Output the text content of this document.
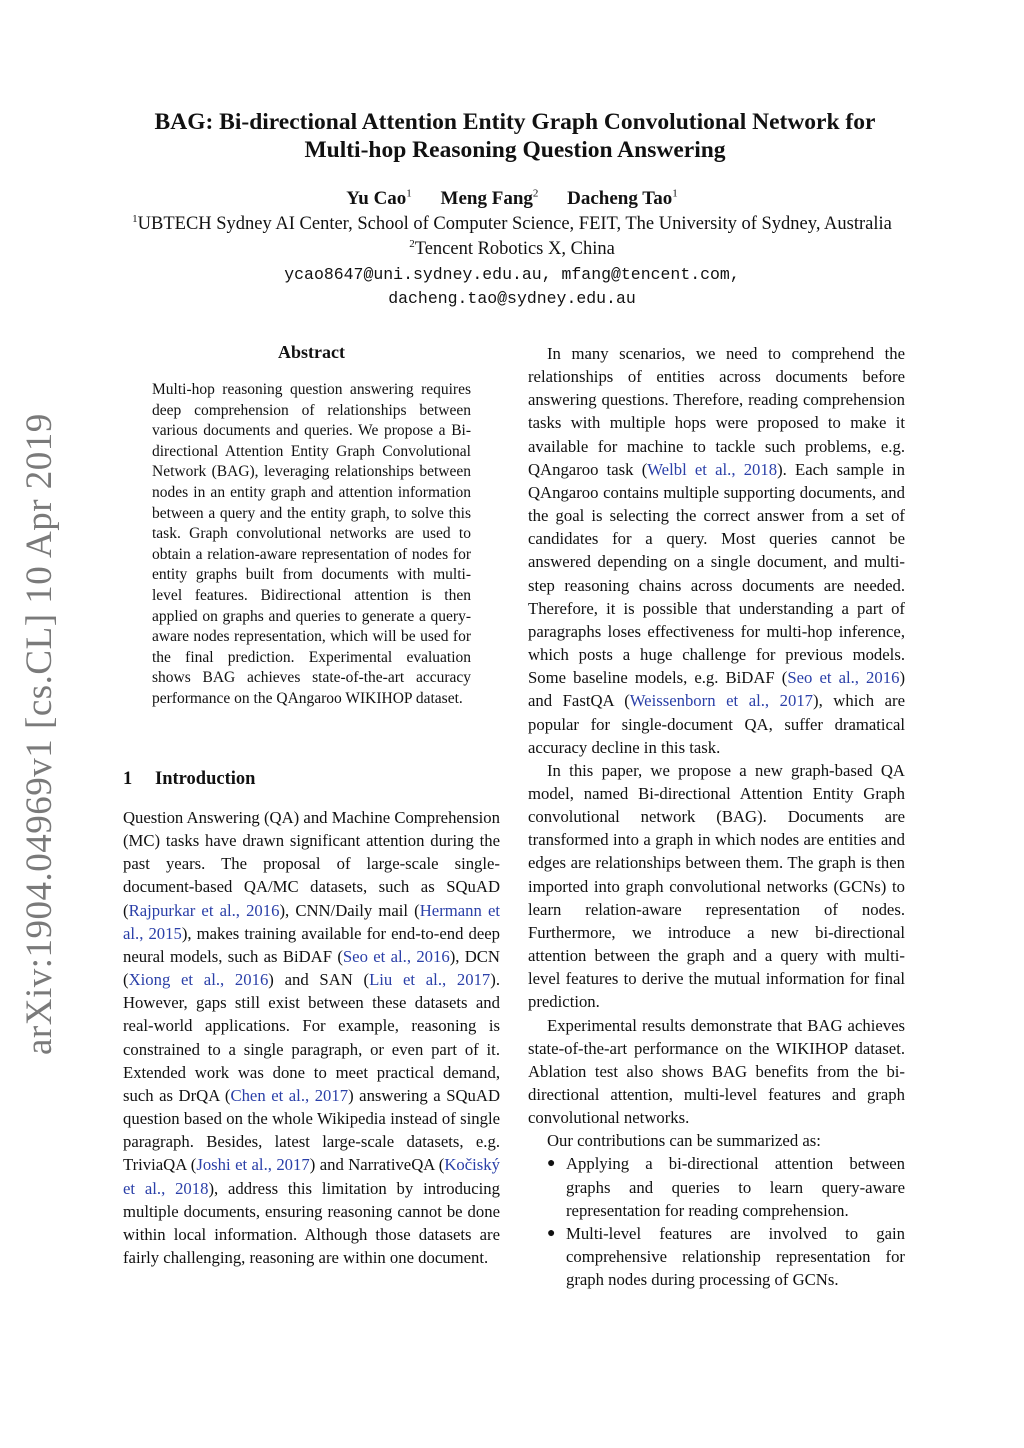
arXiv:1904.04969v1 [cs.CL] 10 Apr 2019
BAG: Bi-directional Attention Entity Graph Convolutional Network for
Multi-hop Reasoning Question Answering
Yu Cao$^1$ Meng Fang$^2$ Dacheng Tao$^1$
$^1$UBTECH Sydney AI Center, School of Computer Science, FEIT, The University of Sydney, Australia
$^2$Tencent Robotics X, China
ycao8647@uni.sydney.edu.au, mfang@tencent.com,
dacheng.tao@sydney.edu.au
Abstract
Multi-hop reasoning question answering requires deep comprehension of relationships between various documents and queries. We propose a Bi-directional Attention Entity Graph Convolutional Network (BAG), leveraging relationships between nodes in an entity graph and attention information between a query and the entity graph, to solve this task. Graph convolutional networks are used to obtain a relation-aware representation of nodes for entity graphs built from documents with multi-level features. Bidirectional attention is then applied on graphs and queries to generate a query-aware nodes representation, which will be used for the final prediction. Experimental evaluation shows BAG achieves state-of-the-art accuracy performance on the QAngaroo WIKIHOP dataset.
1 Introduction

Question Answering (QA) and Machine Comprehension (MC) tasks have drawn significant attention during the past years. The proposal of large-scale single-document-based QA/MC datasets, such as SQuAD (Rajpurkar et al., 2016), CNN/Daily mail (Hermann et al., 2015), makes training available for end-to-end deep neural models, such as BiDAF (Seo et al., 2016), DCN (Xiong et al., 2016) and SAN (Liu et al., 2017). However, gaps still exist between these datasets and real-world applications. For example, reasoning is constrained to a single paragraph, or even part of it. Extended work was done to meet practical demand, such as DrQA (Chen et al., 2017) answering a SQuAD question based on the whole Wikipedia instead of single paragraph. Besides, latest large-scale datasets, e.g. TriviaQA (Joshi et al., 2017) and NarrativeQA (Kočiský et al., 2018), address this limitation by introducing multiple documents, ensuring reasoning cannot be done within local information. Although those datasets are fairly challenging, reasoning are within one document.

In many scenarios, we need to comprehend the relationships of entities across documents before answering questions. Therefore, reading comprehension tasks with multiple hops were proposed to make it available for machine to tackle such problems, e.g. QAngaroo task (Welbl et al., 2018). Each sample in QAngaroo contains multiple supporting documents, and the goal is selecting the correct answer from a set of candidates for a query. Most queries cannot be answered depending on a single document, and multi-step reasoning chains across documents are needed. Therefore, it is possible that understanding a part of paragraphs loses effectiveness for multi-hop inference, which posts a huge challenge for previous models. Some baseline models, e.g. BiDAF (Seo et al., 2016) and FastQA (Weissenborn et al., 2017), which are popular for single-document QA, suffer dramatical accuracy decline in this task.

In this paper, we propose a new graph-based QA model, named Bi-directional Attention Entity Graph convolutional network (BAG). Documents are transformed into a graph in which nodes are entities and edges are relationships between them. The graph is then imported into graph convolutional networks (GCNs) to learn relation-aware representation of nodes. Furthermore, we introduce a new bi-directional attention between the graph and a query with multi-level features to derive the mutual information for final prediction.

Experimental results demonstrate that BAG achieves state-of-the-art performance on the WIKIHOP dataset. Ablation test also shows BAG benefits from the bi-directional attention, multi-level features and graph convolutional networks.

Our contributions can be summarized as:

● Applying a bi-directional attention between graphs and queries to learn query-aware representation for reading comprehension.
● Multi-level features are involved to gain comprehensive relationship representation for graph nodes during processing of GCNs.
